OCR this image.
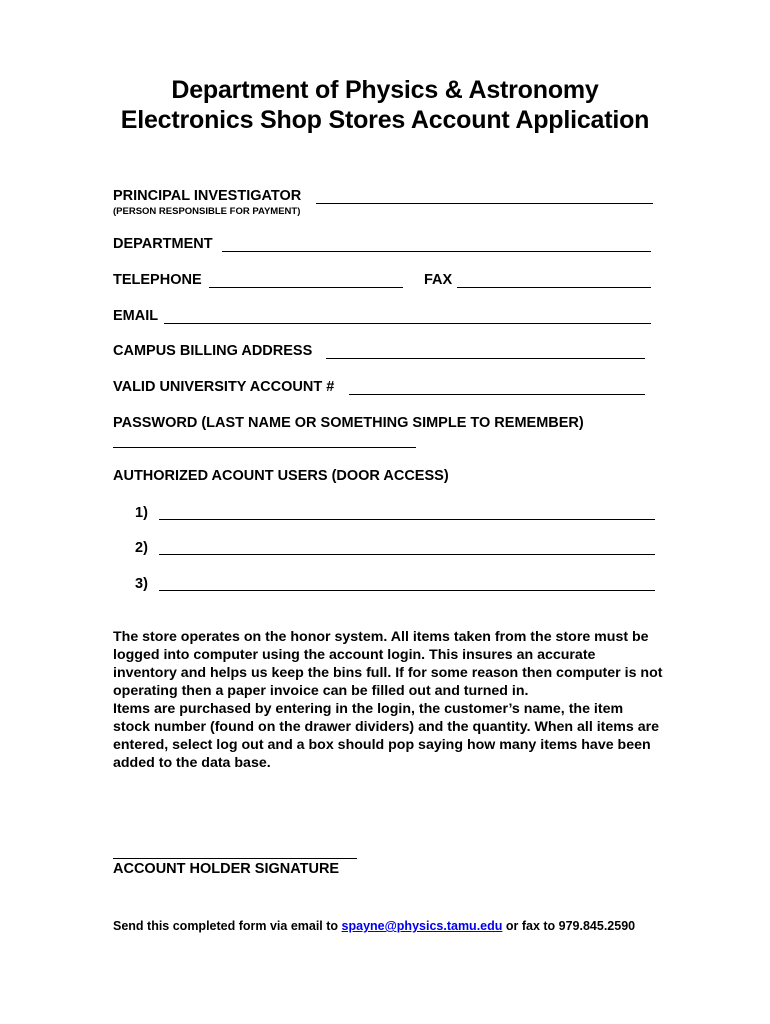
Department of Physics & Astronomy
Electronics Shop Stores Account Application
PRINCIPAL INVESTIGATOR
(PERSON RESPONSIBLE FOR PAYMENT)
DEPARTMENT
TELEPHONE	FAX
EMAIL
CAMPUS BILLING ADDRESS
VALID UNIVERSITY ACCOUNT #
PASSWORD (LAST NAME OR SOMETHING SIMPLE TO REMEMBER)
AUTHORIZED ACOUNT USERS (DOOR ACCESS)
1)
2)
3)

The store operates on the honor system. All items taken from the store must be logged into computer using the account login. This insures an accurate inventory and helps us keep the bins full. If for some reason then computer is not operating then a paper invoice can be filled out and turned in.

Items are purchased by entering in the login, the customer’s name, the item stock number (found on the drawer dividers) and the quantity. When all items are entered, select log out and a box should pop saying how many items have been added to the data base.

ACCOUNT HOLDER SIGNATURE
Send this completed form via email to spayne@physics.tamu.edu or fax to 979.845.2590
